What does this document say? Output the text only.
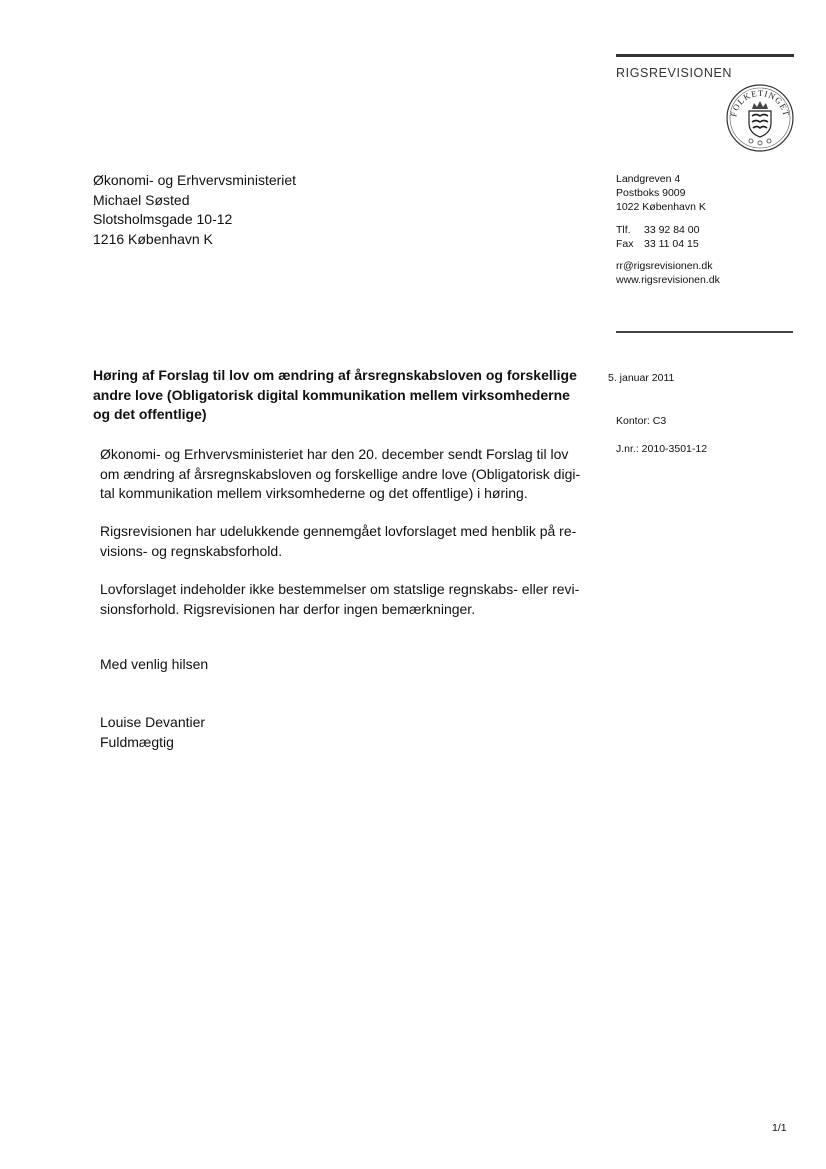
RIGSREVISIONEN
FOLKETINGET
Økonomi- og Erhvervsministeriet
Michael Søsted
Slotsholmsgade 10-12
1216 København K
Landgreven 4
Postboks 9009
1022 København K
Tlf. 33 92 84 00
Fax 33 11 04 15
rr@rigsrevisionen.dk
www.rigsrevisionen.dk
Høring af Forslag til lov om ændring af årsregnskabsloven og forskellige
andre love (Obligatorisk digital kommunikation mellem virksomhederne
og det offentlige)
5. januar 2011
Kontor: C3
J.nr.: 2010-3501-12
Økonomi- og Erhvervsministeriet har den 20. december sendt Forslag til lov
om ændring af årsregnskabsloven og forskellige andre love (Obligatorisk digi-
tal kommunikation mellem virksomhederne og det offentlige) i høring.
Rigsrevisionen har udelukkende gennemgået lovforslaget med henblik på re-
visions- og regnskabsforhold.
Lovforslaget indeholder ikke bestemmelser om statslige regnskabs- eller revi-
sionsforhold. Rigsrevisionen har derfor ingen bemærkninger.
Med venlig hilsen
Louise Devantier
Fuldmægtig
1/1
